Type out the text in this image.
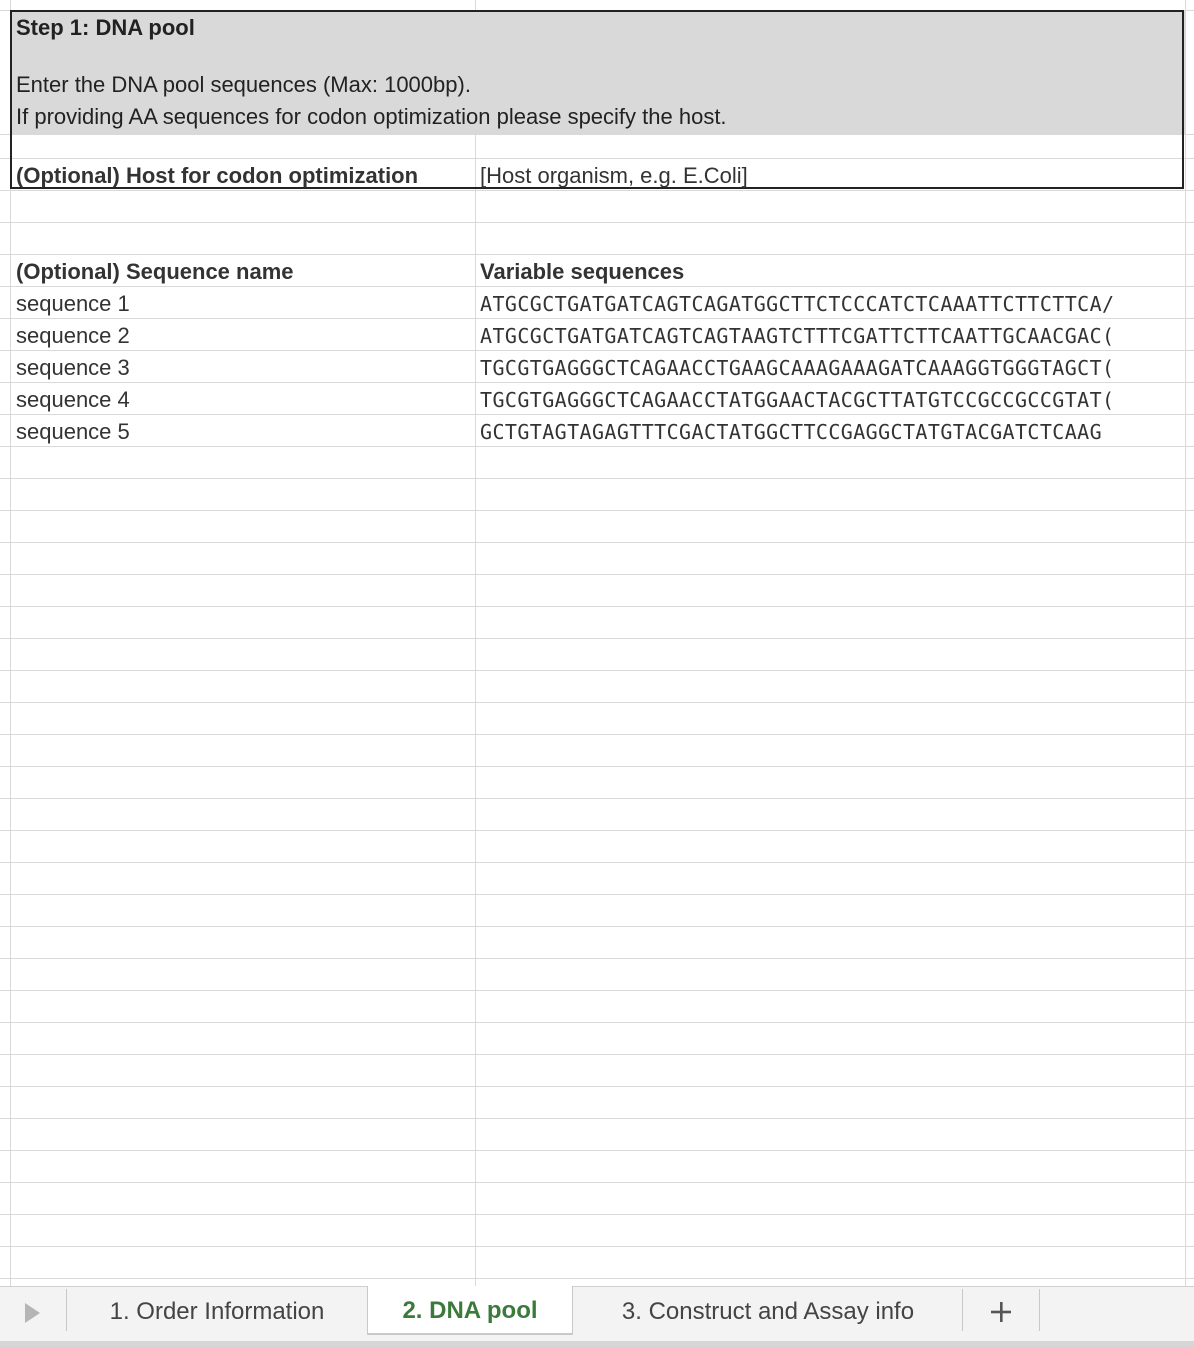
Step 1: DNA pool
Enter the DNA pool sequences (Max: 1000bp).
If providing AA sequences for codon optimization please specify the host.
(Optional) Host for codon optimization	[Host organism, e.g. E.Coli]
(Optional) Sequence name	Variable sequences
sequence 1	ATGCGCTGATGATCAGTCAGATGGCTTCTCCCATCTCAAATTCTTCTTCA/
sequence 2	ATGCGCTGATGATCAGTCAGTAAGTCTTTCGATTCTTCAATTGCAACGAC(
sequence 3	TGCGTGAGGGCTCAGAACCTGAAGCAAAGAAAGATCAAAGGTGGGTAGCT(
sequence 4	TGCGTGAGGGCTCAGAACCTATGGAACTACGCTTATGTCCGCCGCCGTAT(
sequence 5	GCTGTAGTAGAGTTTCGACTATGGCTTCCGAGGCTATGTACGATCTCAAG
1. Order Information	2. DNA pool	3. Construct and Assay info
